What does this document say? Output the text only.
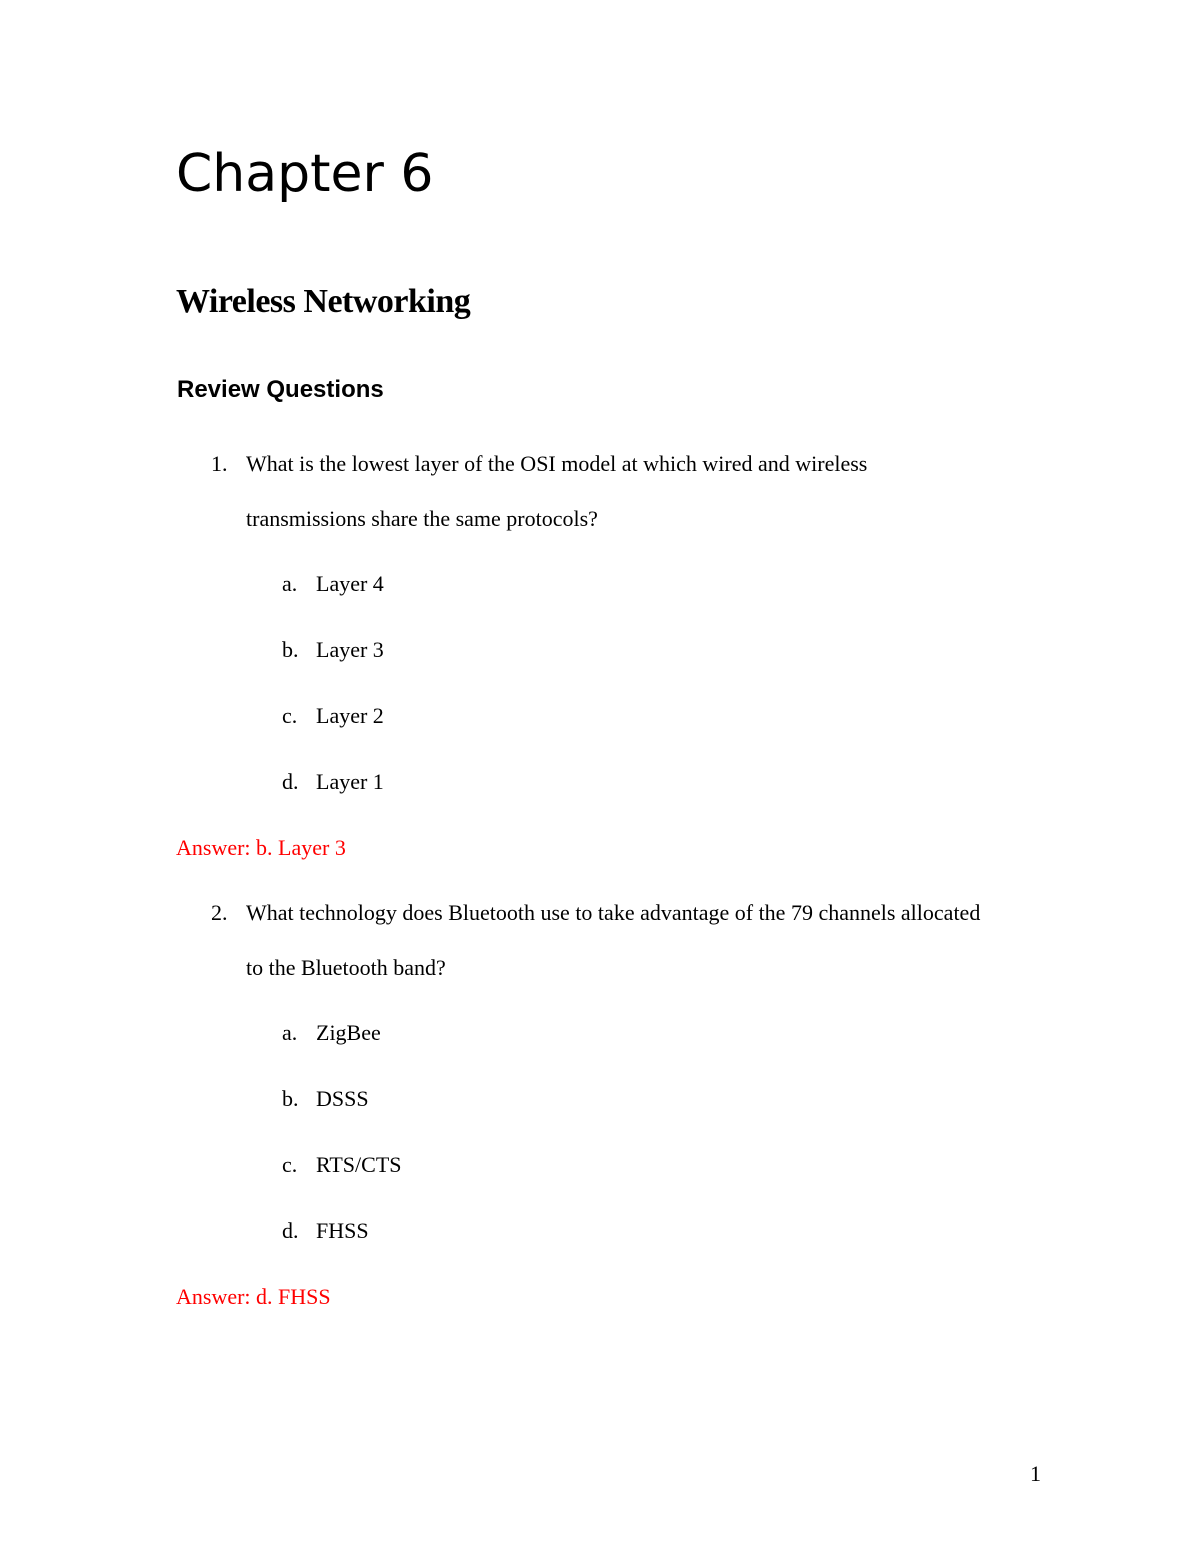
Chapter 6
Wireless Networking
Review Questions
1. What is the lowest layer of the OSI model at which wired and wireless
transmissions share the same protocols?
a. Layer 4
b. Layer 3
c. Layer 2
d. Layer 1
Answer: b. Layer 3
2. What technology does Bluetooth use to take advantage of the 79 channels allocated
to the Bluetooth band?
a. ZigBee
b. DSSS
c. RTS/CTS
d. FHSS
Answer: d. FHSS
1
